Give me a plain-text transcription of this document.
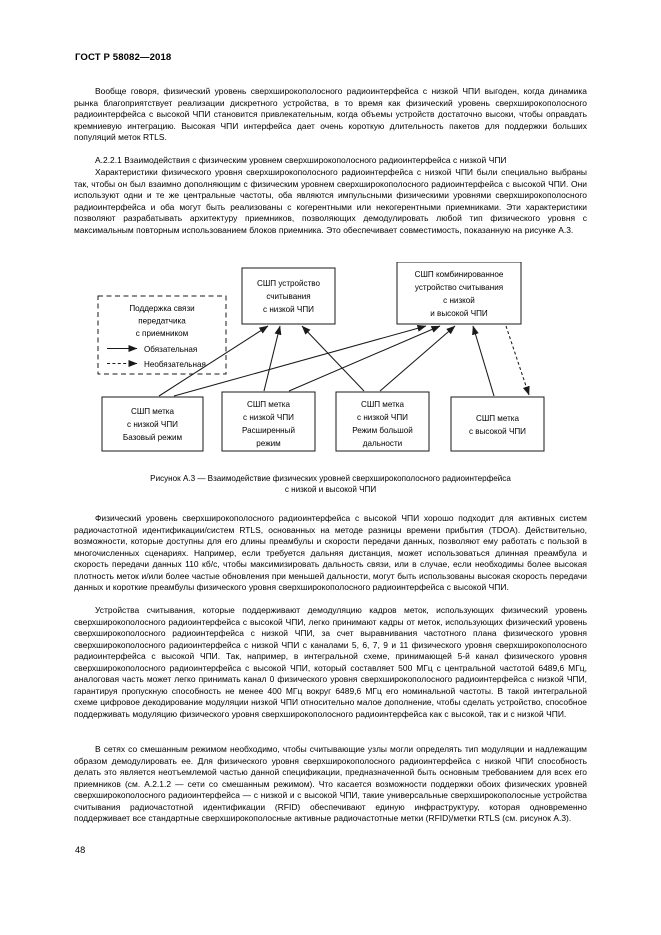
ГОСТ Р 58082—2018

Вообще говоря, физический уровень сверхширокополосного радиоинтерфейса с низкой ЧПИ выгоден, когда динамика рынка благоприятствует реализации дискретного устройства, в то время как физический уровень сверхширокополосного радиоинтерфейса с высокой ЧПИ становится привлекательным, когда объемы устройств достаточно высоки, чтобы оправдать кремниевую интеграцию. Высокая ЧПИ интерфейса дает очень короткую длительность пакетов для поддержки больших популяций меток RTLS.

A.2.2.1 Взаимодействия с физическим уровнем сверхширокополосного радиоинтерфейса с низкой ЧПИ

Характеристики физического уровня сверхширокополосного радиоинтерфейса с низкой ЧПИ были специально выбраны так, чтобы он был взаимно дополняющим с физическим уровнем сверхширокополосного радиоинтерфейса с высокой ЧПИ. Они используют одни и те же центральные частоты, оба являются импульсными физическими уровнями сверхширокополосного радиоинтерфейса и оба могут быть реализованы с когерентными или некогерентными приемниками. Эти характеристики позволяют разрабатывать архитектуру приемников, позволяющих демодулировать любой тип физического уровня с максимальным повторным использованием блоков приемника. Это обеспечивает совместимость, показанную на рисунке А.3.

Поддержка связи
передатчика
с приемником
Обязательная
Необязательная
СШП устройство
считывания
с низкой ЧПИ
СШП комбинированное
устройство считывания
с низкой
и высокой ЧПИ
СШП метка
с низкой ЧПИ
Базовый режим
СШП метка
с низкой ЧПИ
Расширенный
режим
СШП метка
с низкой ЧПИ
Режим большой
дальности
СШП метка
с высокой ЧПИ
Рисунок А.3 — Взаимодействие физических уровней сверхширокополосного радиоинтерфейса
с низкой и высокой ЧПИ

Физический уровень сверхширокополосного радиоинтерфейса с высокой ЧПИ хорошо подходит для активных систем радиочастотной идентификации/систем RTLS, основанных на методе разницы времени прибытия (TDOA). Действительно, возможности, которые доступны для его длины преамбулы и скорости передачи данных, позволяют ему работать с пользой в многочисленных сценариях. Например, если требуется дальняя дистанция, может использоваться длинная преамбула и скорость передачи данных 110 кб/с, чтобы максимизировать дальность связи, или в случае, если необходимы более высокая плотность меток и/или более частые обновления при меньшей дальности, могут быть использованы высокая скорость передачи данных и короткие преамбулы физического уровня сверхширокополосного радиоинтерфейса с высокой ЧПИ.

Устройства считывания, которые поддерживают демодуляцию кадров меток, использующих физический уровень сверхширокополосного радиоинтерфейса с высокой ЧПИ, легко принимают кадры от меток, использующих физический уровень сверхширокополосного радиоинтерфейса с низкой ЧПИ, за счет выравнивания частотного плана физического уровня сверхширокополосного радиоинтерфейса с низкой ЧПИ с каналами 5, 6, 7, 9 и 11 физического уровня сверхширокополосного радиоинтерфейса с высокой ЧПИ. Так, например, в интегральной схеме, принимающей 5-й канал физического уровня сверхширокополосного радиоинтерфейса с высокой ЧПИ, который составляет 500 МГц с центральной частотой 6489,6 МГц, аналоговая часть может легко принимать канал 0 физического уровня сверхширокополосного радиоинтерфейса с низкой ЧПИ, гарантируя пропускную способность не менее 400 МГц вокруг 6489,6 МГц его номинальной частоты. В такой интегральной схеме цифровое декодирование модуляции низкой ЧПИ относительно малое дополнение, чтобы сделать устройство, способное поддерживать модуляцию физического уровня сверхширокополосного радиоинтерфейса как с высокой, так и с низкой ЧПИ.

В сетях со смешанным режимом необходимо, чтобы считывающие узлы могли определять тип модуляции и надлежащим образом демодулировать ее. Для физического уровня сверхширокополосного радиоинтерфейса с низкой ЧПИ способность делать это является неотъемлемой частью данной спецификации, предназначенной быть основным требованием для всех его приемников (см. A.2.1.2 — сети со смешанным режимом). Что касается возможности поддержки обоих физических уровней сверхширокополосного радиоинтерфейса — с низкой и с высокой ЧПИ, такие универсальные сверхширокополосные устройства считывания радиочастотной идентификации (RFID) обеспечивают единую инфраструктуру, которая одновременно поддерживает все стандартные сверхширокополосные активные радиочастотные метки (RFID)/метки RTLS (см. рисунок А.3).

48
